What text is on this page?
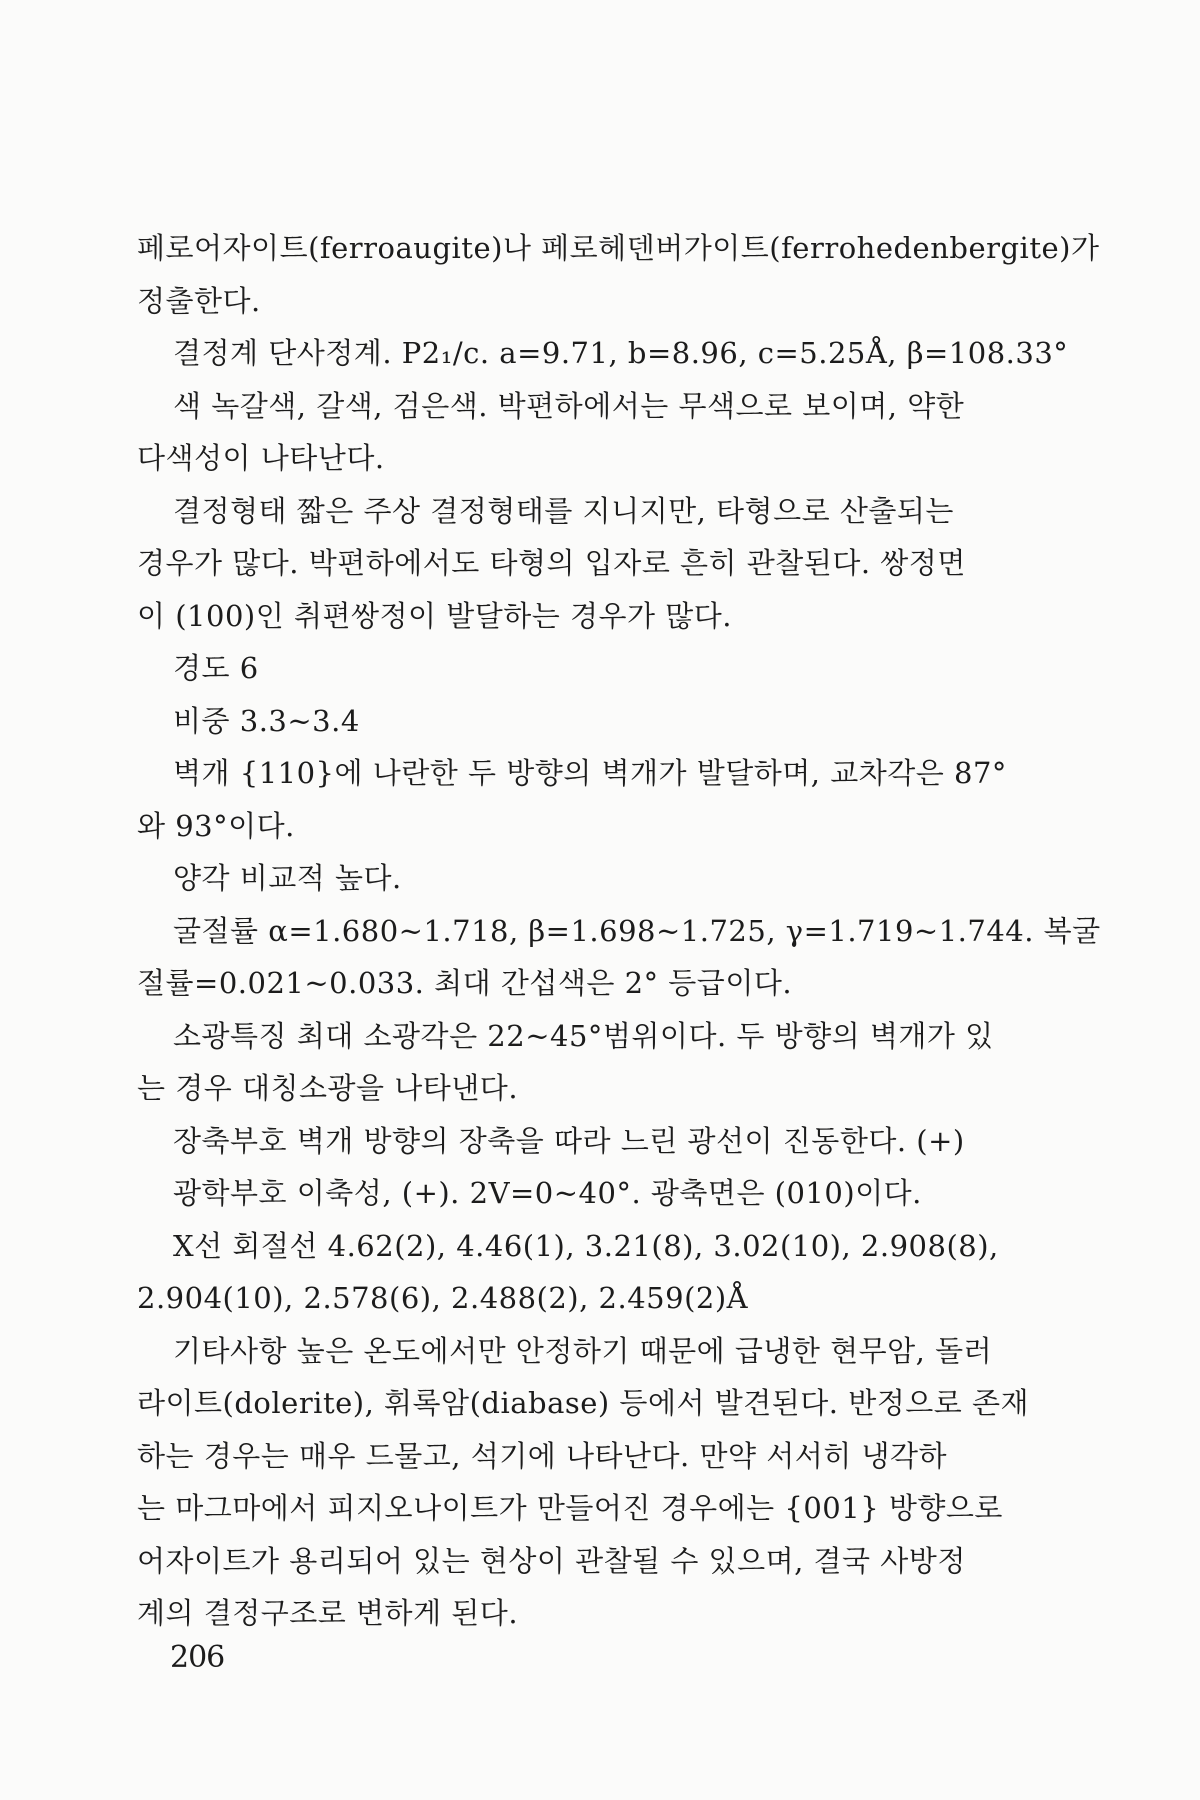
페로어자이트(ferroaugite)나 페로헤덴버가이트(ferrohedenbergite)가
정출한다.
결정계 단사정계. P2₁/c. a=9.71, b=8.96, c=5.25Å, β=108.33°
색 녹갈색, 갈색, 검은색. 박편하에서는 무색으로 보이며, 약한
다색성이 나타난다.
결정형태 짧은 주상 결정형태를 지니지만, 타형으로 산출되는
경우가 많다. 박편하에서도 타형의 입자로 흔히 관찰된다. 쌍정면
이 (100)인 취편쌍정이 발달하는 경우가 많다.
경도 6
비중 3.3~3.4
벽개 {110}에 나란한 두 방향의 벽개가 발달하며, 교차각은 87°
와 93°이다.
양각 비교적 높다.
굴절률 α=1.680~1.718, β=1.698~1.725, γ=1.719~1.744. 복굴
절률=0.021~0.033. 최대 간섭색은 2° 등급이다.
소광특징 최대 소광각은 22~45°범위이다. 두 방향의 벽개가 있
는 경우 대칭소광을 나타낸다.
장축부호 벽개 방향의 장축을 따라 느린 광선이 진동한다. (+)
광학부호 이축성, (+). 2V=0~40°. 광축면은 (010)이다.
X선 회절선 4.62(2), 4.46(1), 3.21(8), 3.02(10), 2.908(8),
2.904(10), 2.578(6), 2.488(2), 2.459(2)Å
기타사항 높은 온도에서만 안정하기 때문에 급냉한 현무암, 돌러
라이트(dolerite), 휘록암(diabase) 등에서 발견된다. 반정으로 존재
하는 경우는 매우 드물고, 석기에 나타난다. 만약 서서히 냉각하
는 마그마에서 피지오나이트가 만들어진 경우에는 {001} 방향으로
어자이트가 용리되어 있는 현상이 관찰될 수 있으며, 결국 사방정
계의 결정구조로 변하게 된다.
206
